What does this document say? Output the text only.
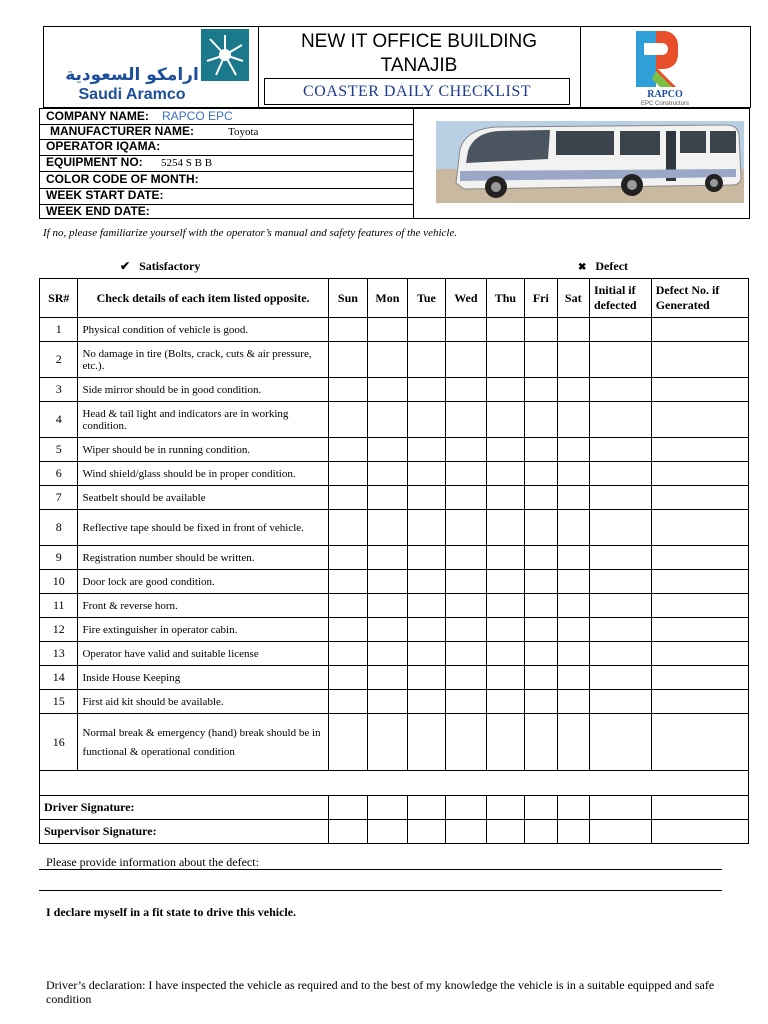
ارامكو السعودية
Saudi Aramco
NEW IT OFFICE BUILDING
TANAJIB
COASTER DAILY CHECKLIST	RAPCO
EPC Constructors
COMPANY NAME: RAPCO EPC
MANUFACTURER NAME:	Toyota
OPERATOR IQAMA:
EQUIPMENT NO: 5254 S B B
COLOR CODE OF MONTH:
WEEK START DATE:
WEEK END DATE:
If no, please familiarize yourself with the operator’s manual and safety features of the vehicle.
✔ Satisfactory	✖ Defect
SR#	Check details of each item listed opposite.	Sun	Mon	Tue	Wed	Thu	Fri	Sat	Initial if defected	Defect No. if Generated
1	Physical condition of vehicle is good.									

2	No damage in tire (Bolts, crack, cuts & air pressure, etc.).									

3	Side mirror should be in good condition.									

4	Head & tail light and indicators are in working condition.									

5	Wiper should be in running condition.									

6	Wind shield/glass should be in proper condition.									

7	Seatbelt should be available									

8	Reflective tape should be fixed in front of vehicle.									

9	Registration number should be written.									

10	Door lock are good condition.									

11	Front & reverse horn.									

12	Fire extinguisher in operator cabin.									

13	Operator have valid and suitable license									

14	Inside House Keeping									

15	First aid kit should be available.									

16	Normal break & emergency (hand) break should be in
functional & operational condition									

Driver Signature:										
Supervisor Signature:										
Please provide information about the defect:
I declare myself in a fit state to drive this vehicle.
Driver’s declaration: I have inspected the vehicle as required and to the best of my knowledge the vehicle is in a suitable equipped and safe condition
